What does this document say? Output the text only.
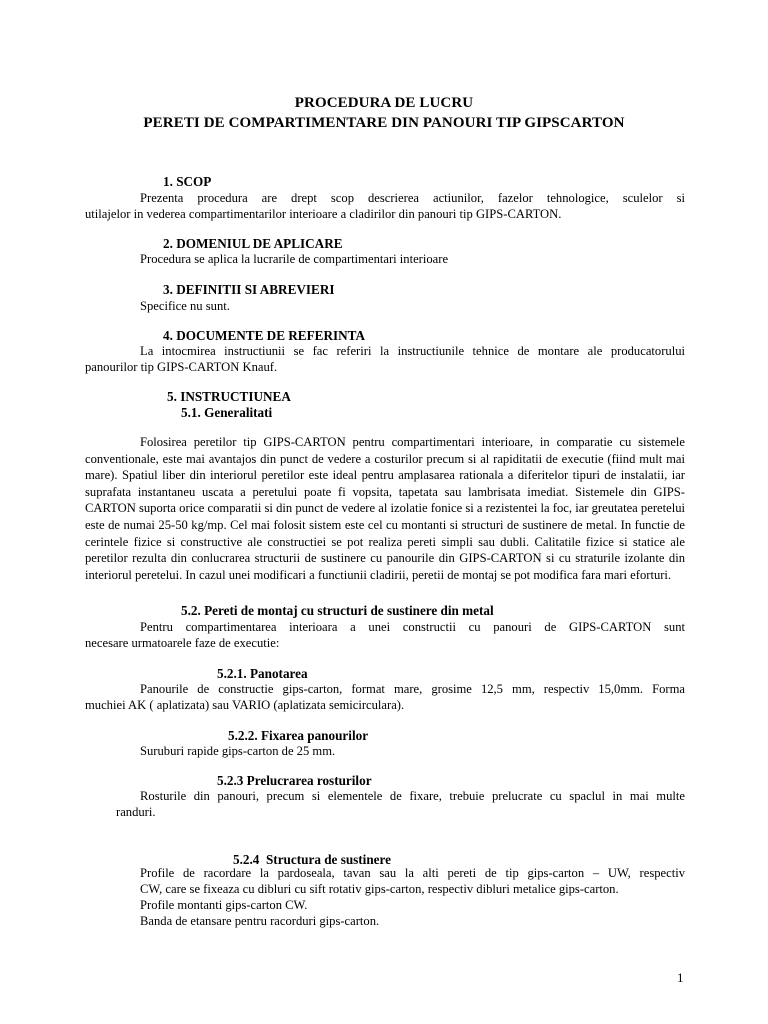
PROCEDURA DE LUCRU
PERETI DE COMPARTIMENTARE DIN PANOURI TIP GIPSCARTON
1. SCOP
Prezenta procedura are drept scop descrierea actiunilor, fazelor tehnologice, sculelor si
utilajelor in vederea compartimentarilor interioare a cladirilor din panouri tip GIPS-CARTON.
2. DOMENIUL DE APLICARE
Procedura se aplica la lucrarile de compartimentari interioare
3. DEFINITII SI ABREVIERI
Specifice nu sunt.
4. DOCUMENTE DE REFERINTA
La intocmirea instructiunii se fac referiri la instructiunile tehnice de montare ale producatorului
panourilor tip GIPS-CARTON Knauf.
5. INSTRUCTIUNEA
5.1. Generalitati
Folosirea peretilor tip GIPS-CARTON pentru compartimentari interioare, in comparatie cu sistemele conventionale, este mai avantajos din punct de vedere a costurilor precum si al rapiditatii de executie (fiind mult mai mare). Spatiul liber din interiorul peretilor este ideal pentru amplasarea rationala a diferitelor tipuri de instalatii, iar suprafata instantaneu uscata a peretului poate fi vopsita, tapetata sau lambrisata imediat. Sistemele din GIPS-CARTON suporta orice comparatii si din punct de vedere al izolatie fonice si a rezistentei la foc, iar greutatea peretelui este de numai 25-50 kg/mp. Cel mai folosit sistem este cel cu montanti si structuri de sustinere de metal. In functie de cerintele fizice si constructive ale constructiei se pot realiza pereti simpli sau dubli. Calitatile fizice si statice ale peretilor rezulta din conlucrarea structurii de sustinere cu panourile din GIPS-CARTON si cu straturile izolante din interiorul peretelui. In cazul unei modificari a functiunii cladirii, peretii de montaj se pot modifica fara mari eforturi.
5.2. Pereti de montaj cu structuri de sustinere din metal
Pentru compartimentarea interioara a unei constructii cu panouri de GIPS-CARTON sunt
necesare urmatoarele faze de executie:
5.2.1. Panotarea
Panourile de constructie gips-carton, format mare, grosime 12,5 mm, respectiv 15,0mm. Forma
muchiei AK ( aplatizata) sau VARIO (aplatizata semicirculara).
5.2.2. Fixarea panourilor
Suruburi rapide gips-carton de 25 mm.
5.2.3 Prelucrarea rosturilor
Rosturile din panouri, precum si elementele de fixare, trebuie prelucrate cu spaclul in mai multe
randuri.
5.2.4  Structura de sustinere
Profile de racordare la pardoseala, tavan sau la alti pereti de tip gips-carton – UW, respectiv
CW, care se fixeaza cu dibluri cu sift rotativ gips-carton, respectiv dibluri metalice gips-carton.
Profile montanti gips-carton CW.
Banda de etansare pentru racorduri gips-carton.
1
